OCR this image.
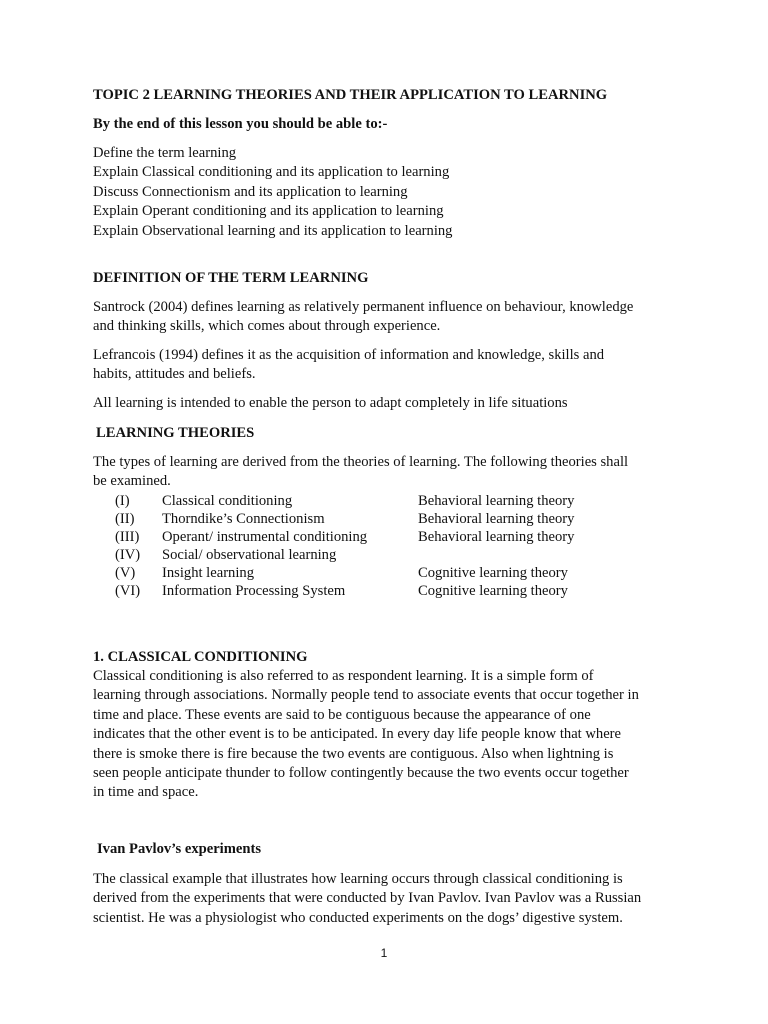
TOPIC 2 LEARNING THEORIES AND THEIR APPLICATION TO LEARNING
By the end of this lesson you should be able to:-
Define the term learning
Explain Classical conditioning and its application to learning
Discuss Connectionism and its application to learning
Explain Operant conditioning and its application to learning
Explain Observational learning and its application to learning
DEFINITION OF THE TERM LEARNING
Santrock (2004) defines learning as relatively permanent influence on behaviour, knowledge
and thinking skills, which comes about through experience.
Lefrancois (1994) defines it as the acquisition of information and knowledge, skills and
habits, attitudes and beliefs.
All learning is intended to enable the person to adapt completely in life situations
LEARNING THEORIES
The types of learning are derived from the theories of learning. The following theories shall
be examined.
(I) Classical conditioning	Behavioral learning theory
(II) Thorndike’s Connectionism	Behavioral learning theory
(III) Operant/ instrumental conditioning	Behavioral learning theory
(IV) Social/ observational learning
(V) Insight learning	Cognitive learning theory
(VI) Information Processing System	Cognitive learning theory
1. CLASSICAL CONDITIONING
Classical conditioning is also referred to as respondent learning. It is a simple form of
learning through associations. Normally people tend to associate events that occur together in
time and place. These events are said to be contiguous because the appearance of one
indicates that the other event is to be anticipated. In every day life people know that where
there is smoke there is fire because the two events are contiguous. Also when lightning is
seen people anticipate thunder to follow contingently because the two events occur together
in time and space.
Ivan Pavlov’s experiments
The classical example that illustrates how learning occurs through classical conditioning is
derived from the experiments that were conducted by Ivan Pavlov. Ivan Pavlov was a Russian
scientist. He was a physiologist who conducted experiments on the dogs’ digestive system.
1
